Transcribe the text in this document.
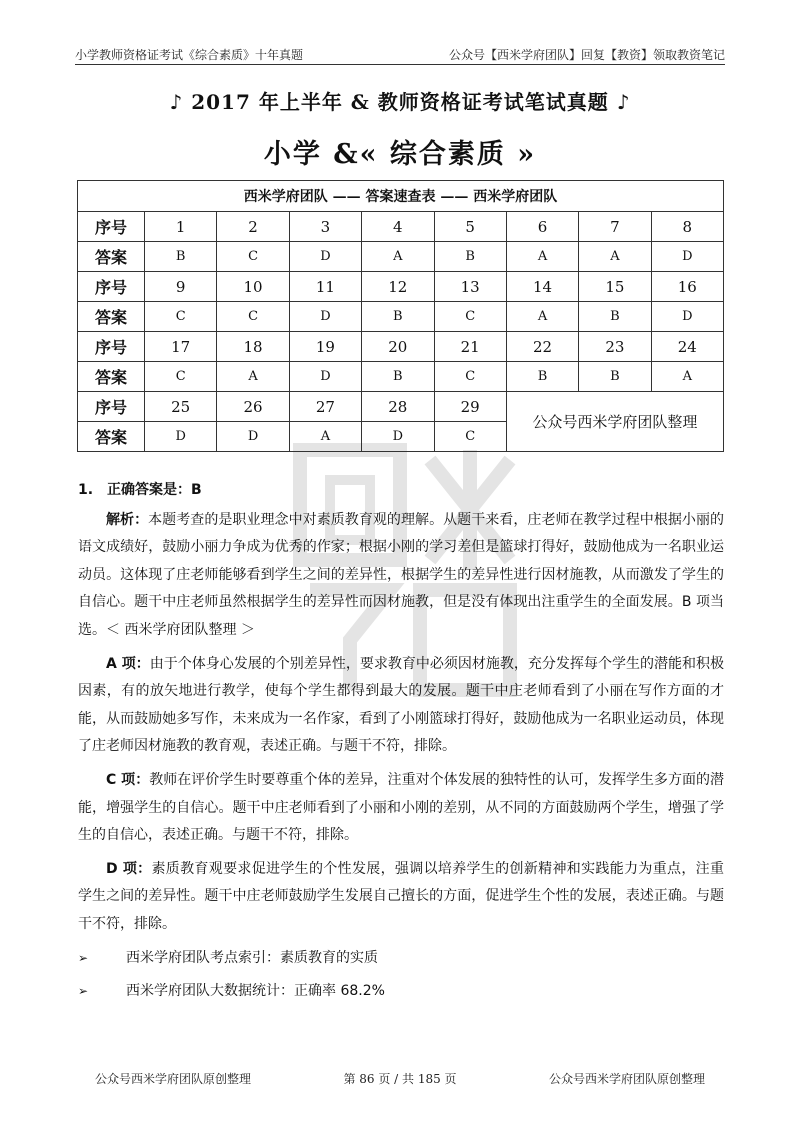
小学教师资格证考试《综合素质》十年真题	公众号【西米学府团队】回复【教资】领取教资笔记
♪ 2017 年上半年 & 教师资格证考试笔试真题 ♪
小学 &« 综合素质 »
西米学府团队 —— 答案速查表 —— 西米学府团队								
序号	1	2	3	4	5	6	7	8
答案	B	C	D	A	B	A	A	D
序号	9	10	11	12	13	14	15	16
答案	C	C	D	B	C	A	B	D
序号	17	18	19	20	21	22	23	24
答案	C	A	D	B	C	B	B	A
序号	25	26	27	28	29	公众号西米学府团队整理		
答案	D	D	A	D	C			

1.　正确答案是：B

解析：本题考查的是职业理念中对素质教育观的理解。从题干来看，庄老师在教学过程中根据小丽的语文成绩好，鼓励小丽力争成为优秀的作家；根据小刚的学习差但是篮球打得好，鼓励他成为一名职业运动员。这体现了庄老师能够看到学生之间的差异性，根据学生的差异性进行因材施教，从而激发了学生的自信心。题干中庄老师虽然根据学生的差异性而因材施教，但是没有体现出注重学生的全面发展。B 项当选。＜ 西米学府团队整理 ＞

A 项：由于个体身心发展的个别差异性，要求教育中必须因材施教，充分发挥每个学生的潜能和积极因素，有的放矢地进行教学，使每个学生都得到最大的发展。题干中庄老师看到了小丽在写作方面的才能，从而鼓励她多写作，未来成为一名作家，看到了小刚篮球打得好，鼓励他成为一名职业运动员，体现了庄老师因材施教的教育观，表述正确。与题干不符，排除。

C 项：教师在评价学生时要尊重个体的差异，注重对个体发展的独特性的认可，发挥学生多方面的潜能，增强学生的自信心。题干中庄老师看到了小丽和小刚的差别，从不同的方面鼓励两个学生，增强了学生的自信心，表述正确。与题干不符，排除。

D 项：素质教育观要求促进学生的个性发展，强调以培养学生的创新精神和实践能力为重点，注重学生之间的差异性。题干中庄老师鼓励学生发展自己擅长的方面，促进学生个性的发展，表述正确。与题干不符，排除。

➢	西米学府团队考点索引：素质教育的实质
➢	西米学府团队大数据统计：正确率 68.2%
公众号西米学府团队原创整理	第 86 页 / 共 185 页	公众号西米学府团队原创整理
